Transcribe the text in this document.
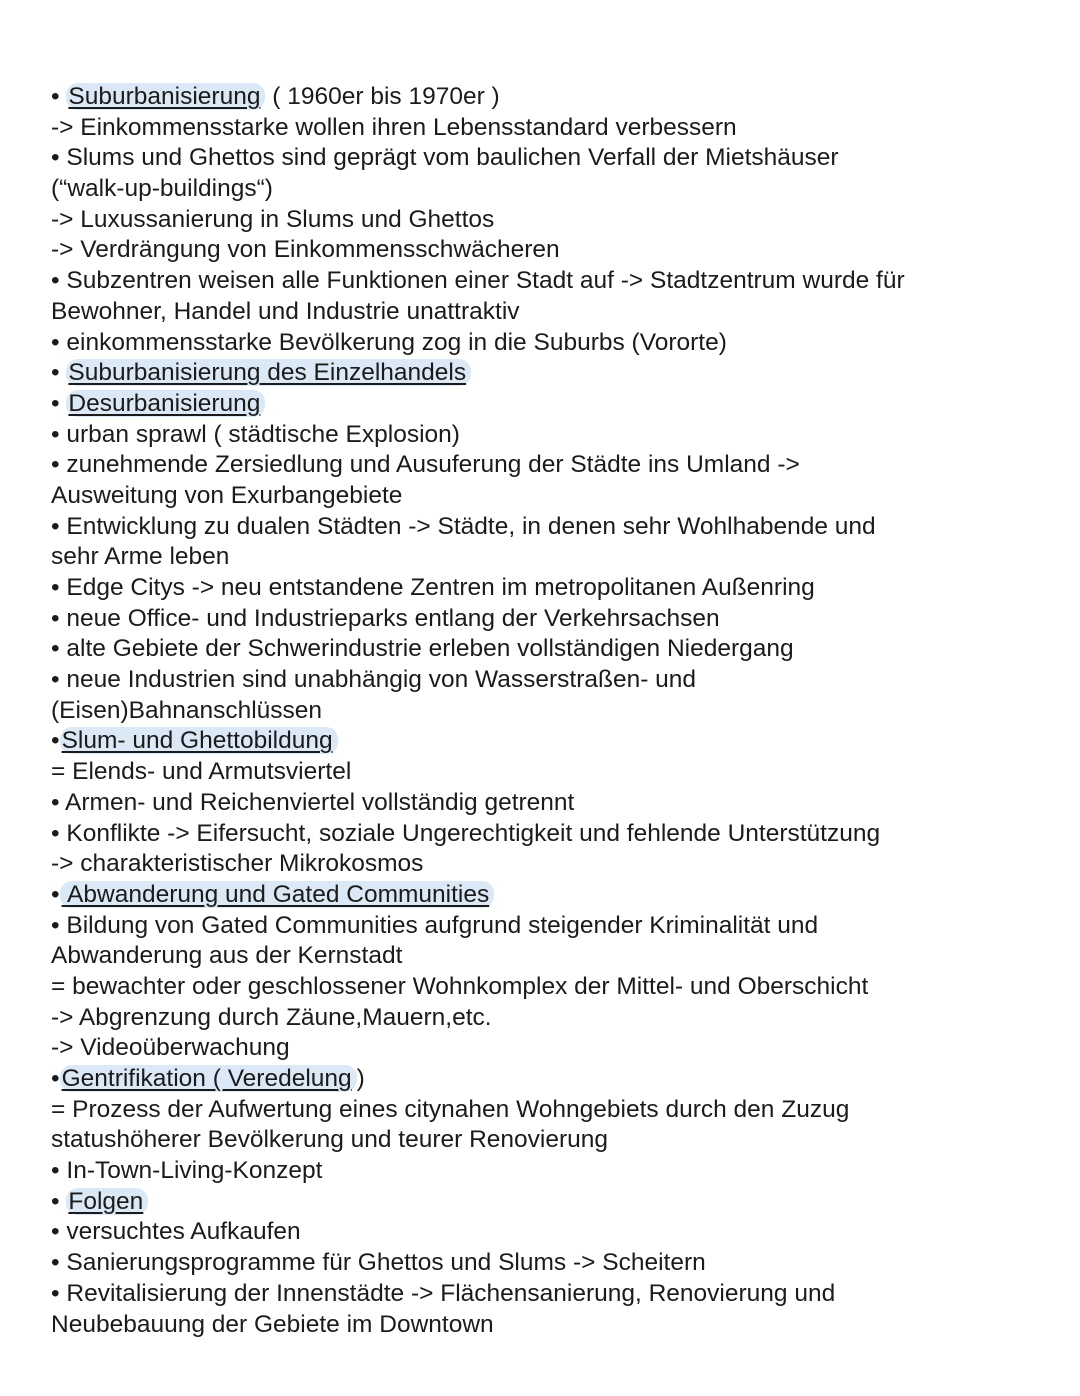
• Suburbanisierung ( 1960er bis 1970er )
-> Einkommensstarke wollen ihren Lebensstandard verbessern
• Slums und Ghettos sind geprägt vom baulichen Verfall der Mietshäuser
(“walk-up-buildings“)
-> Luxussanierung in Slums und Ghettos
-> Verdrängung von Einkommensschwächeren
• Subzentren weisen alle Funktionen einer Stadt auf -> Stadtzentrum wurde für
Bewohner, Handel und Industrie unattraktiv
• einkommensstarke Bevölkerung zog in die Suburbs (Vororte)
• Suburbanisierung des Einzelhandels
• Desurbanisierung
• urban sprawl ( städtische Explosion)
• zunehmende Zersiedlung und Ausuferung der Städte ins Umland ->
Ausweitung von Exurbangebiete
• Entwicklung zu dualen Städten -> Städte, in denen sehr Wohlhabende und
sehr Arme leben
• Edge Citys -> neu entstandene Zentren im metropolitanen Außenring
• neue Office- und Industrieparks entlang der Verkehrsachsen
• alte Gebiete der Schwerindustrie erleben vollständigen Niedergang
• neue Industrien sind unabhängig von Wasserstraßen- und
(Eisen)Bahnanschlüssen
•Slum- und Ghettobildung
= Elends- und Armutsviertel
• Armen- und Reichenviertel vollständig getrennt
• Konflikte -> Eifersucht, soziale Ungerechtigkeit und fehlende Unterstützung
-> charakteristischer Mikrokosmos
• Abwanderung und Gated Communities
• Bildung von Gated Communities aufgrund steigender Kriminalität und
Abwanderung aus der Kernstadt
= bewachter oder geschlossener Wohnkomplex der Mittel- und Oberschicht
-> Abgrenzung durch Zäune,Mauern,etc.
-> Videoüberwachung
•Gentrifikation ( Veredelung )
= Prozess der Aufwertung eines citynahen Wohngebiets durch den Zuzug
statushöherer Bevölkerung und teurer Renovierung
• In-Town-Living-Konzept
• Folgen
• versuchtes Aufkaufen
• Sanierungsprogramme für Ghettos und Slums -> Scheitern
• Revitalisierung der Innenstädte -> Flächensanierung, Renovierung und
Neubebauung der Gebiete im Downtown
